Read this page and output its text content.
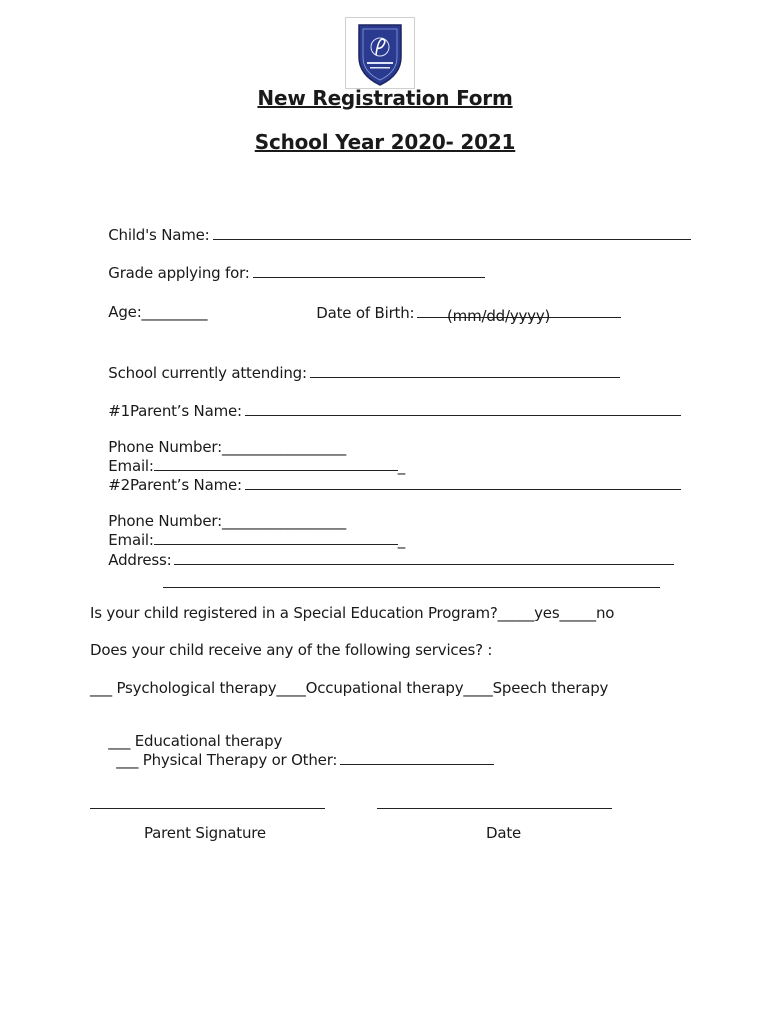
New Registration Form
School Year 2020- 2021

Child's Name:

Grade applying for:

Age:_________
	Date of Birth:
	(mm/dd/yyyy)

School currently attending:

#1Parent’s Name:

Phone Number:_________________
Email:	_

#2Parent’s Name:

Phone Number:_________________
Email:	_

Address:

Is your child registered in a Special Education Program?_____yes_____no
Does your child receive any of the following services? :
___ Psychological therapy____Occupational therapy____Speech therapy

___ Educational therapy
___ Physical Therapy or Other:

Parent Signature	Date
